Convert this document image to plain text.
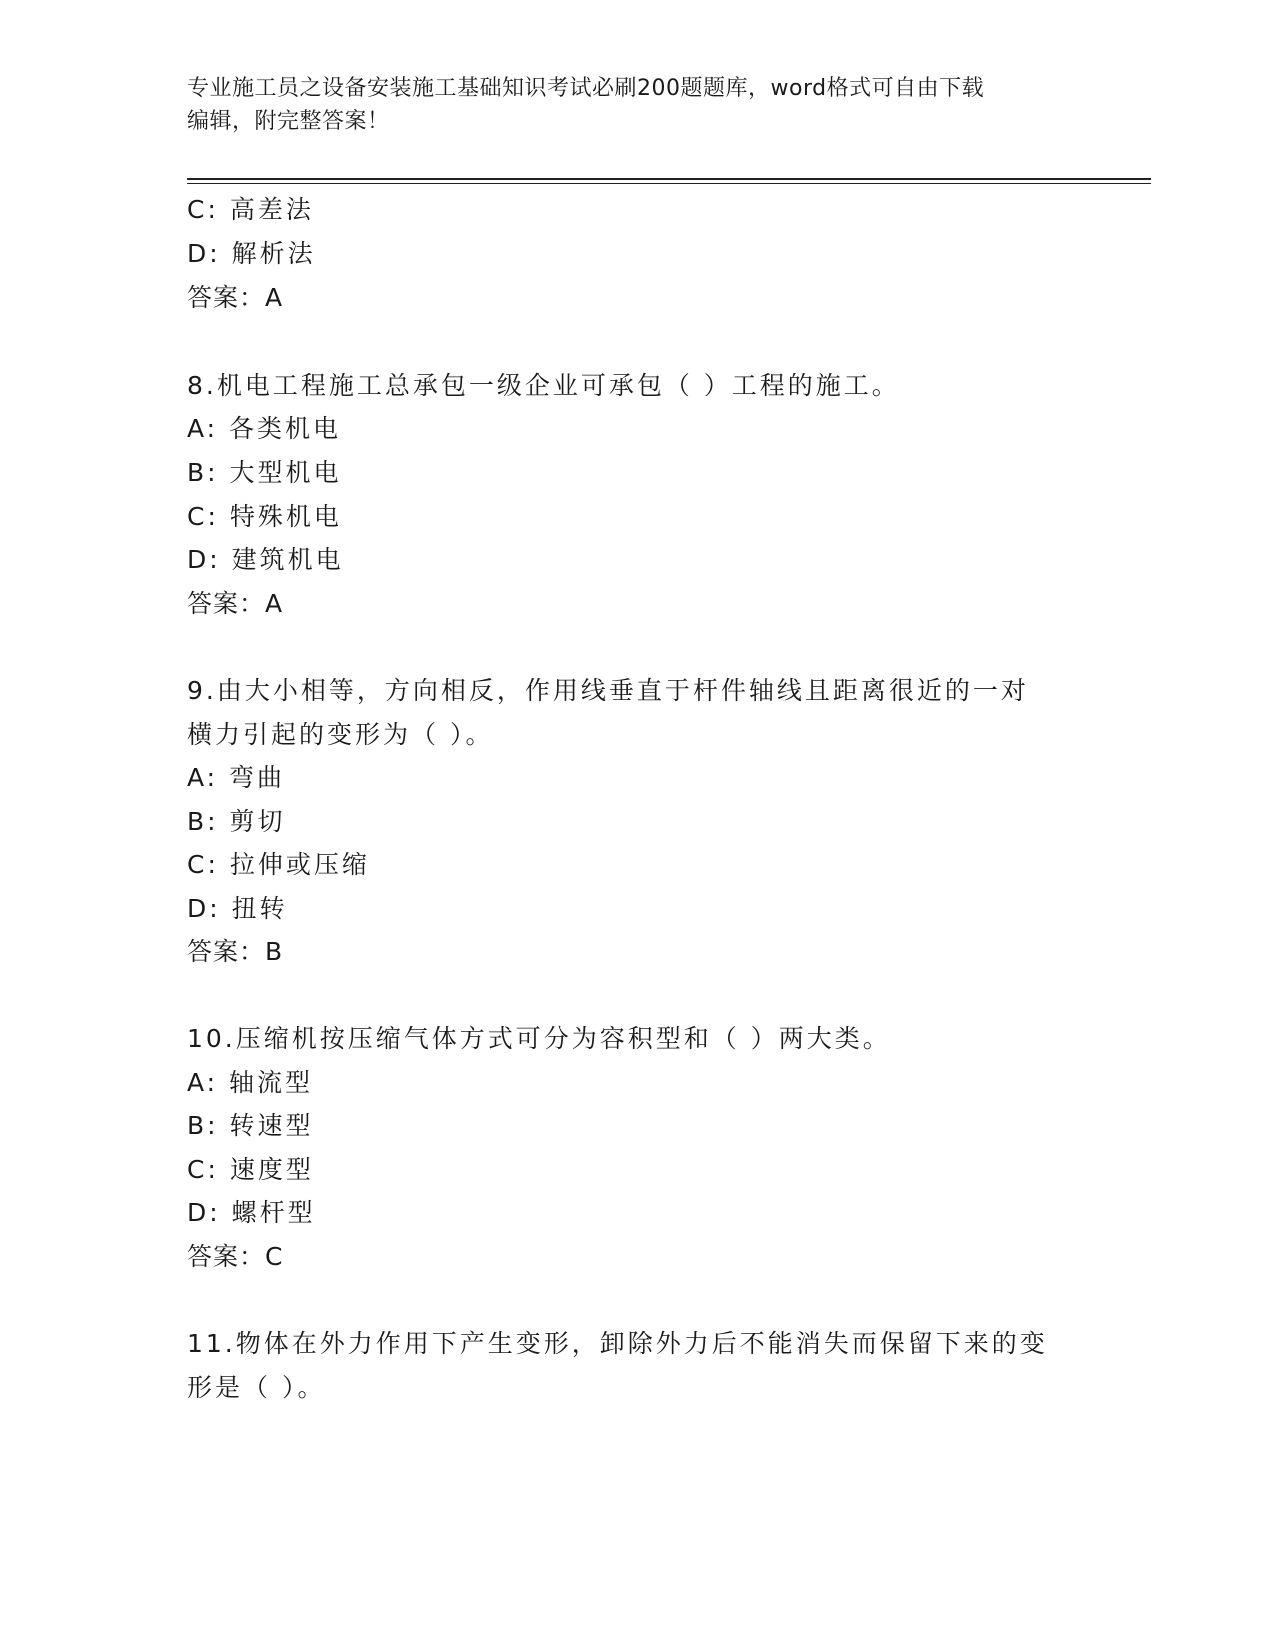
专业施工员之设备安装施工基础知识考试必刷200题题库，word格式可自由下载
编辑，附完整答案！
C: 高差法
D: 解析法
答案：A
8.机电工程施工总承包一级企业可承包（ ）工程的施工。
A: 各类机电
B: 大型机电
C: 特殊机电
D: 建筑机电
答案：A
9.由大小相等，方向相反，作用线垂直于杆件轴线且距离很近的一对
横力引起的变形为（ ）。
A: 弯曲
B: 剪切
C: 拉伸或压缩
D: 扭转
答案：B
10.压缩机按压缩气体方式可分为容积型和（ ）两大类。
A: 轴流型
B: 转速型
C: 速度型
D: 螺杆型
答案：C
11.物体在外力作用下产生变形，卸除外力后不能消失而保留下来的变
形是（ ）。
